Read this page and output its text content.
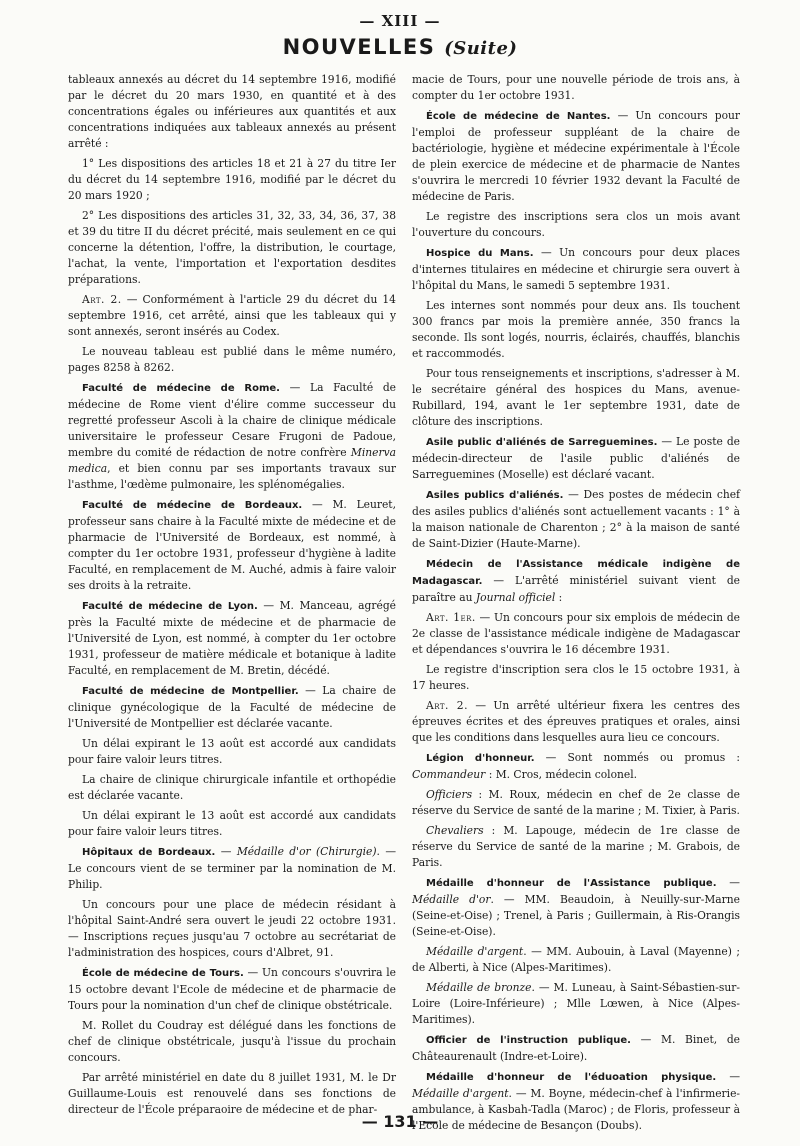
— XIII —
NOUVELLES (Suite)

tableaux annexés au décret du 14 septembre 1916, modifié par le décret du 20 mars 1930, en quantité et à des concentrations égales ou inférieures aux quantités et aux concentrations indiquées aux tableaux annexés au présent arrêté :

1° Les dispositions des articles 18 et 21 à 27 du titre Ier du décret du 14 septembre 1916, modifié par le décret du 20 mars 1920 ;

2° Les dispositions des articles 31, 32, 33, 34, 36, 37, 38 et 39 du titre II du décret précité, mais seulement en ce qui concerne la détention, l'offre, la distribution, le courtage, l'achat, la vente, l'importation et l'exportation desdites préparations.

Art. 2. — Conformément à l'article 29 du décret du 14 septembre 1916, cet arrêté, ainsi que les tableaux qui y sont annexés, seront insérés au Codex.

Le nouveau tableau est publié dans le même numéro, pages 8258 à 8262.

Faculté de médecine de Rome. — La Faculté de médecine de Rome vient d'élire comme successeur du regretté professeur Ascoli à la chaire de clinique médicale universitaire le professeur Cesare Frugoni de Padoue, membre du comité de rédaction de notre confrère Minerva medica, et bien connu par ses importants travaux sur l'asthme, l'œdème pulmonaire, les splénomégalies.

Faculté de médecine de Bordeaux. — M. Leuret, professeur sans chaire à la Faculté mixte de médecine et de pharmacie de l'Université de Bordeaux, est nommé, à compter du 1er octobre 1931, professeur d'hygiène à ladite Faculté, en remplacement de M. Auché, admis à faire valoir ses droits à la retraite.

Faculté de médecine de Lyon. — M. Manceau, agrégé près la Faculté mixte de médecine et de pharmacie de l'Université de Lyon, est nommé, à compter du 1er octobre 1931, professeur de matière médicale et botanique à ladite Faculté, en remplacement de M. Bretin, décédé.

Faculté de médecine de Montpellier. — La chaire de clinique gynécologique de la Faculté de médecine de l'Université de Montpellier est déclarée vacante.

Un délai expirant le 13 août est accordé aux candidats pour faire valoir leurs titres.

La chaire de clinique chirurgicale infantile et orthopédie est déclarée vacante.

Un délai expirant le 13 août est accordé aux candidats pour faire valoir leurs titres.

Hôpitaux de Bordeaux. — Médaille d'or (Chirurgie). — Le concours vient de se terminer par la nomination de M. Philip.

Un concours pour une place de médecin résidant à l'hôpital Saint-André sera ouvert le jeudi 22 octobre 1931. — Inscriptions reçues jusqu'au 7 octobre au secrétariat de l'administration des hospices, cours d'Albret, 91.

École de médecine de Tours. — Un concours s'ouvrira le 15 octobre devant l'Ecole de médecine et de pharmacie de Tours pour la nomination d'un chef de clinique obstétricale.

M. Rollet du Coudray est délégué dans les fonctions de chef de clinique obstétricale, jusqu'à l'issue du prochain concours.

Par arrêté ministériel en date du 8 juillet 1931, M. le Dr Guillaume-Louis est renouvelé dans ses fonctions de directeur de l'École préparaoire de médecine et de phar-

macie de Tours, pour une nouvelle période de trois ans, à compter du 1er octobre 1931.

École de médecine de Nantes. — Un concours pour l'emploi de professeur suppléant de la chaire de bactériologie, hygiène et médecine expérimentale à l'École de plein exercice de médecine et de pharmacie de Nantes s'ouvrira le mercredi 10 février 1932 devant la Faculté de médecine de Paris.

Le registre des inscriptions sera clos un mois avant l'ouverture du concours.

Hospice du Mans. — Un concours pour deux places d'internes titulaires en médecine et chirurgie sera ouvert à l'hôpital du Mans, le samedi 5 septembre 1931.

Les internes sont nommés pour deux ans. Ils touchent 300 francs par mois la première année, 350 francs la seconde. Ils sont logés, nourris, éclairés, chauffés, blanchis et raccommodés.

Pour tous renseignements et inscriptions, s'adresser à M. le secrétaire général des hospices du Mans, avenue-Rubillard, 194, avant le 1er septembre 1931, date de clôture des inscriptions.

Asile public d'aliénés de Sarreguemines. — Le poste de médecin-directeur de l'asile public d'aliénés de Sarreguemines (Moselle) est déclaré vacant.

Asiles publics d'aliénés. — Des postes de médecin chef des asiles publics d'aliénés sont actuellement vacants : 1° à la maison nationale de Charenton ; 2° à la maison de santé de Saint-Dizier (Haute-Marne).

Médecin de l'Assistance médicale indigène de Madagascar. — L'arrêté ministériel suivant vient de paraître au Journal officiel :

Art. 1er. — Un concours pour six emplois de médecin de 2e classe de l'assistance médicale indigène de Madagascar et dépendances s'ouvrira le 16 décembre 1931.

Le registre d'inscription sera clos le 15 octobre 1931, à 17 heures.

Art. 2. — Un arrêté ultérieur fixera les centres des épreuves écrites et des épreuves pratiques et orales, ainsi que les conditions dans lesquelles aura lieu ce concours.

Légion d'honneur. — Sont nommés ou promus : Commandeur : M. Cros, médecin colonel.

Officiers : M. Roux, médecin en chef de 2e classe de réserve du Service de santé de la marine ; M. Tixier, à Paris.

Chevaliers : M. Lapouge, médecin de 1re classe de réserve du Service de santé de la marine ; M. Grabois, de Paris.

Médaille d'honneur de l'Assistance publique. — Médaille d'or. — MM. Beaudoin, à Neuilly-sur-Marne (Seine-et-Oise) ; Trenel, à Paris ; Guillermain, à Ris-Orangis (Seine-et-Oise).

Médaille d'argent. — MM. Aubouin, à Laval (Mayenne) ; de Alberti, à Nice (Alpes-Maritimes).

Médaille de bronze. — M. Luneau, à Saint-Sébastien-sur-Loire (Loire-Inférieure) ; Mlle Lœwen, à Nice (Alpes-Maritimes).

Officier de l'instruction publique. — M. Binet, de Châteaurenault (Indre-et-Loire).

Médaille d'honneur de l'éduoation physique. — Médaille d'argent. — M. Boyne, médecin-chef à l'infirmerie-ambulance, à Kasbah-Tadla (Maroc) ; de Floris, professeur à l'Ecole de médecine de Besançon (Doubs).

— 131 —
